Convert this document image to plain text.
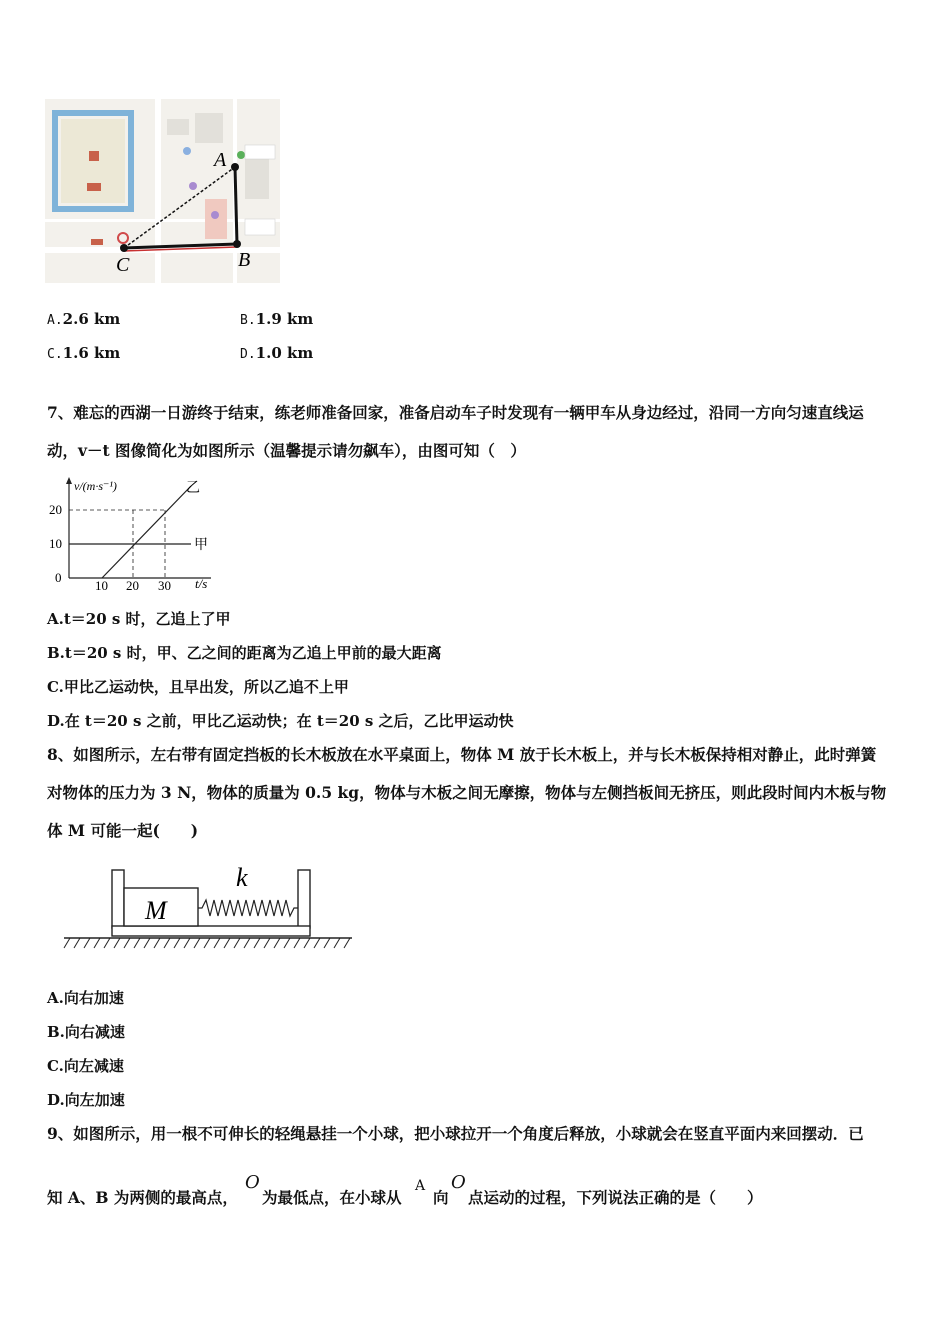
A
B
C
A.2.6 km	B.1.9 km
C.1.6 km	D.1.0 km
7、难忘的西湖一日游终于结束，练老师准备回家，准备启动车子时发现有一辆甲车从身边经过，沿同一方向匀速直线运
动，v－t 图像简化为如图所示（温馨提示请勿飙车），由图可知（　）
v/(m·s⁻¹)
t/s
0
20
10
10 20 30
甲
乙
A.t＝20 s 时，乙追上了甲
B.t＝20 s 时，甲、乙之间的距离为乙追上甲前的最大距离
C.甲比乙运动快，且早出发，所以乙追不上甲
D.在 t＝20 s 之前，甲比乙运动快；在 t＝20 s 之后，乙比甲运动快
8、如图所示，左右带有固定挡板的长木板放在水平桌面上，物体 M 放于长木板上，并与长木板保持相对静止，此时弹簧
对物体的压力为 3 N，物体的质量为 0.5 kg，物体与木板之间无摩擦，物体与左侧挡板间无挤压，则此段时间内木板与物
体 M 可能一起(　　)
M
k
A.向右加速
B.向右减速
C.向左减速
D.向左加速
9、如图所示，用一根不可伸长的轻绳悬挂一个小球，把小球拉开一个角度后释放，小球就会在竖直平面内来回摆动．已
知 A、B 为两侧的最高点，
O
为最低点，在小球从
A
向
O
点运动的过程，下列说法正确的是（　　）
